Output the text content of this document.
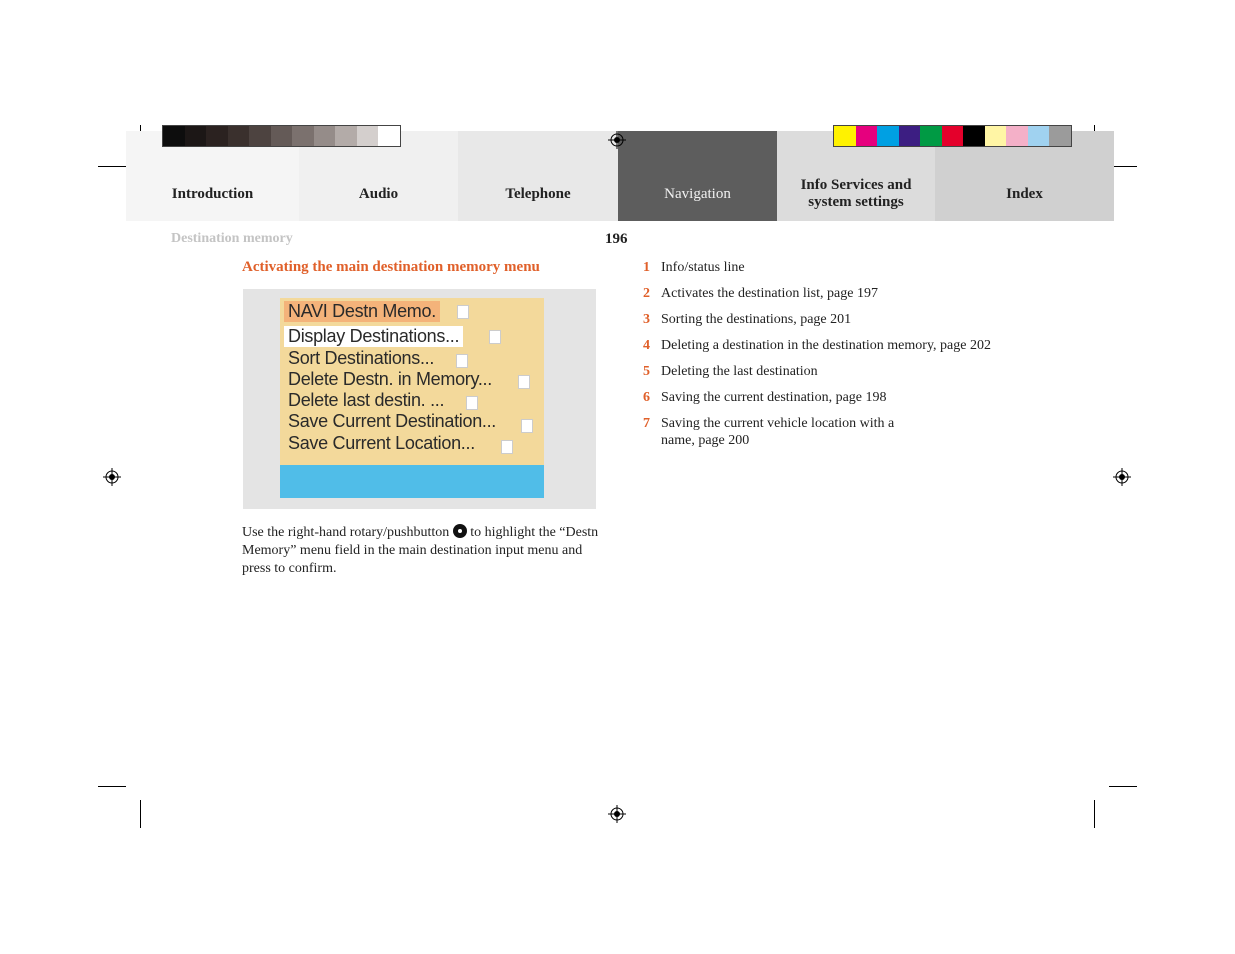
Introduction	Audio	Telephone	Navigation
Info Services and system settings	Index
Destination memory	196
Activating the main destination memory menu
NAVI Destn Memo.
Display Destinations...
Sort Destinations...
Delete Destn. in Memory...
Delete last destin. ...
Save Current Destination...
Save Current Location...
Use the right-hand rotary/pushbutton to highlight the “Destn Memory” menu field in the main destination input menu and press to confirm.
1 Info/status line
2 Activates the destination list, page 197
3 Sorting the destinations, page 201
4 Deleting a destination in the destination memory, page 202
5 Deleting the last destination
6 Saving the current destination, page 198
7 Saving the current vehicle location with a name, page 200
